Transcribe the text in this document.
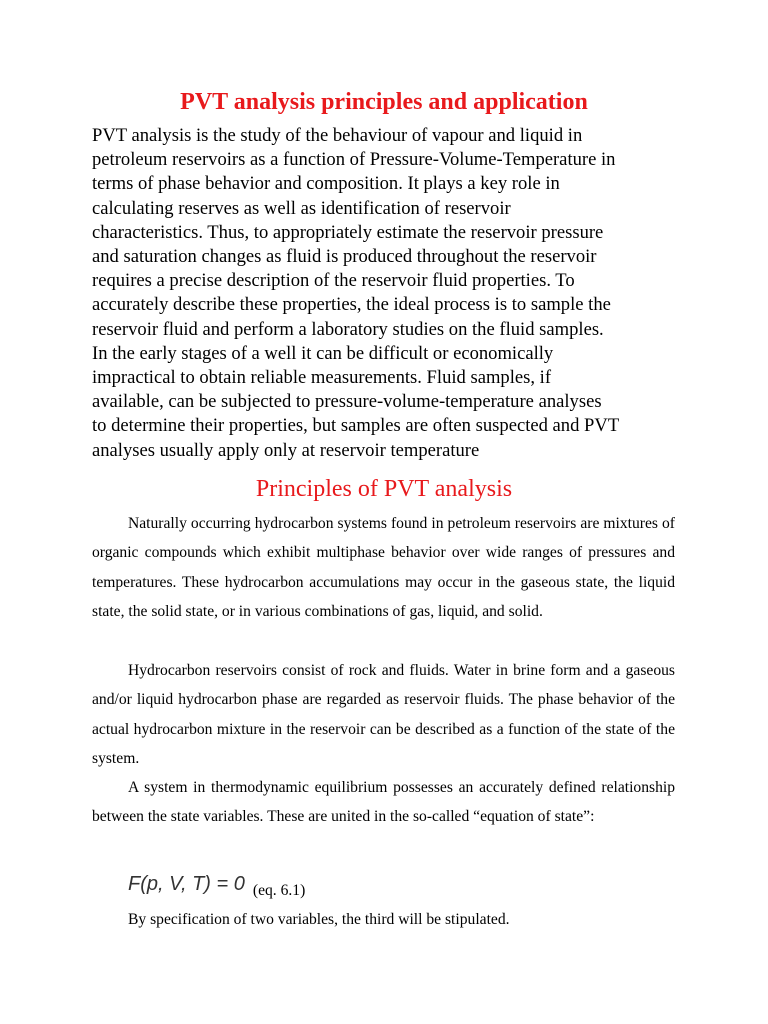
PVT analysis principles and application

PVT analysis is the study of the behaviour of vapour and liquid in
petroleum reservoirs as a function of Pressure-Volume-Temperature in
terms of phase behavior and composition. It plays a key role in
calculating reserves as well as identification of reservoir
characteristics. Thus, to appropriately estimate the reservoir pressure
and saturation changes as fluid is produced throughout the reservoir
requires a precise description of the reservoir fluid properties. To
accurately describe these properties, the ideal process is to sample the
reservoir fluid and perform a laboratory studies on the fluid samples.
In the early stages of a well it can be difficult or economically
impractical to obtain reliable measurements. Fluid samples, if
available, can be subjected to pressure-volume-temperature analyses
to determine their properties, but samples are often suspected and PVT
analyses usually apply only at reservoir temperature

Principles of PVT analysis

Naturally occurring hydrocarbon systems found in petroleum reservoirs are mixtures of organic compounds which exhibit multiphase behavior over wide ranges of pressures and temperatures. These hydrocarbon accumulations may occur in the gaseous state, the liquid state, the solid state, or in various combinations of gas, liquid, and solid.

Hydrocarbon reservoirs consist of rock and fluids. Water in brine form and a gaseous and/or liquid hydrocarbon phase are regarded as reservoir fluids. The phase behavior of the actual hydrocarbon mixture in the reservoir can be described as a function of the state of the system.

A system in thermodynamic equilibrium possesses an accurately defined relationship between the state variables. These are united in the so-called “equation of state”:

F(p, V, T) = 0 (eq. 6.1)

By specification of two variables, the third will be stipulated.
